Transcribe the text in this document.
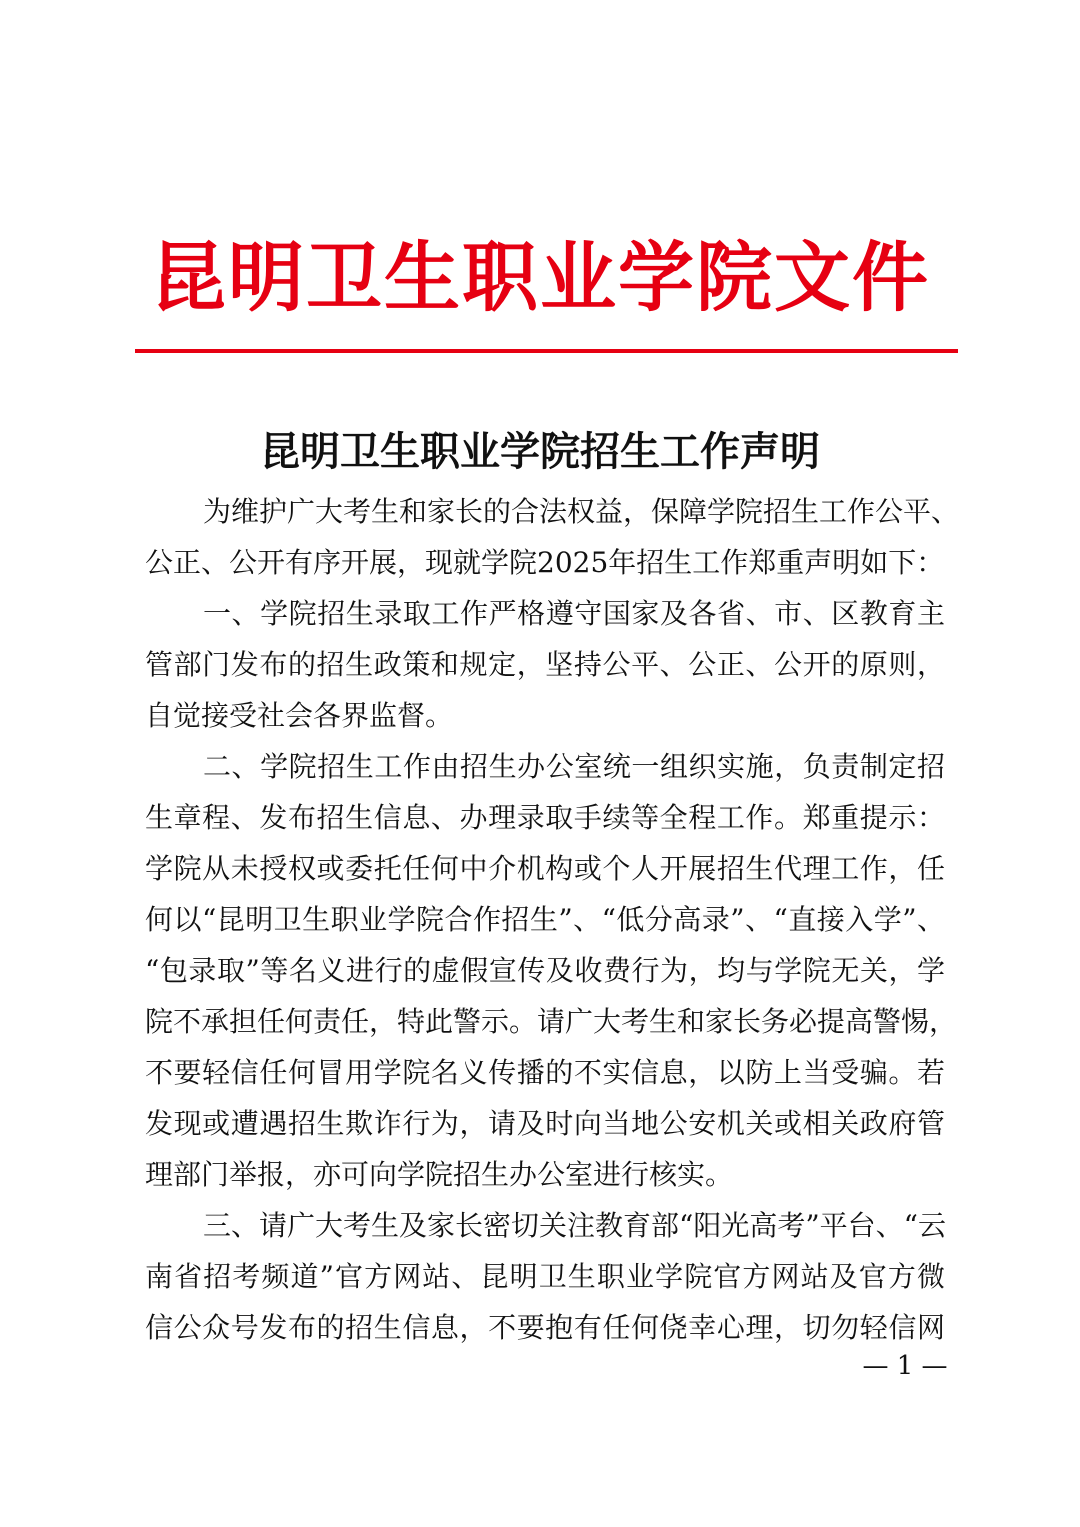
昆明卫生职业学院文件
昆明卫生职业学院招生工作声明
为维护广大考生和家长的合法权益，保障学院招生工作公平、
公正、公开有序开展，现就学院2025年招生工作郑重声明如下：
一、学院招生录取工作严格遵守国家及各省、市、区教育主
管部门发布的招生政策和规定，坚持公平、公正、公开的原则，
自觉接受社会各界监督。
二、学院招生工作由招生办公室统一组织实施，负责制定招
生章程、发布招生信息、办理录取手续等全程工作。郑重提示：
学院从未授权或委托任何中介机构或个人开展招生代理工作，任
何以“昆明卫生职业学院合作招生”、“低分高录”、“直接入学”、
“包录取”等名义进行的虚假宣传及收费行为，均与学院无关，学
院不承担任何责任，特此警示。请广大考生和家长务必提高警惕，
不要轻信任何冒用学院名义传播的不实信息，以防上当受骗。若
发现或遭遇招生欺诈行为，请及时向当地公安机关或相关政府管
理部门举报，亦可向学院招生办公室进行核实。
三、请广大考生及家长密切关注教育部“阳光高考”平台、“云
南省招考频道”官方网站、昆明卫生职业学院官方网站及官方微
信公众号发布的招生信息，不要抱有任何侥幸心理，切勿轻信网
— 1 —
